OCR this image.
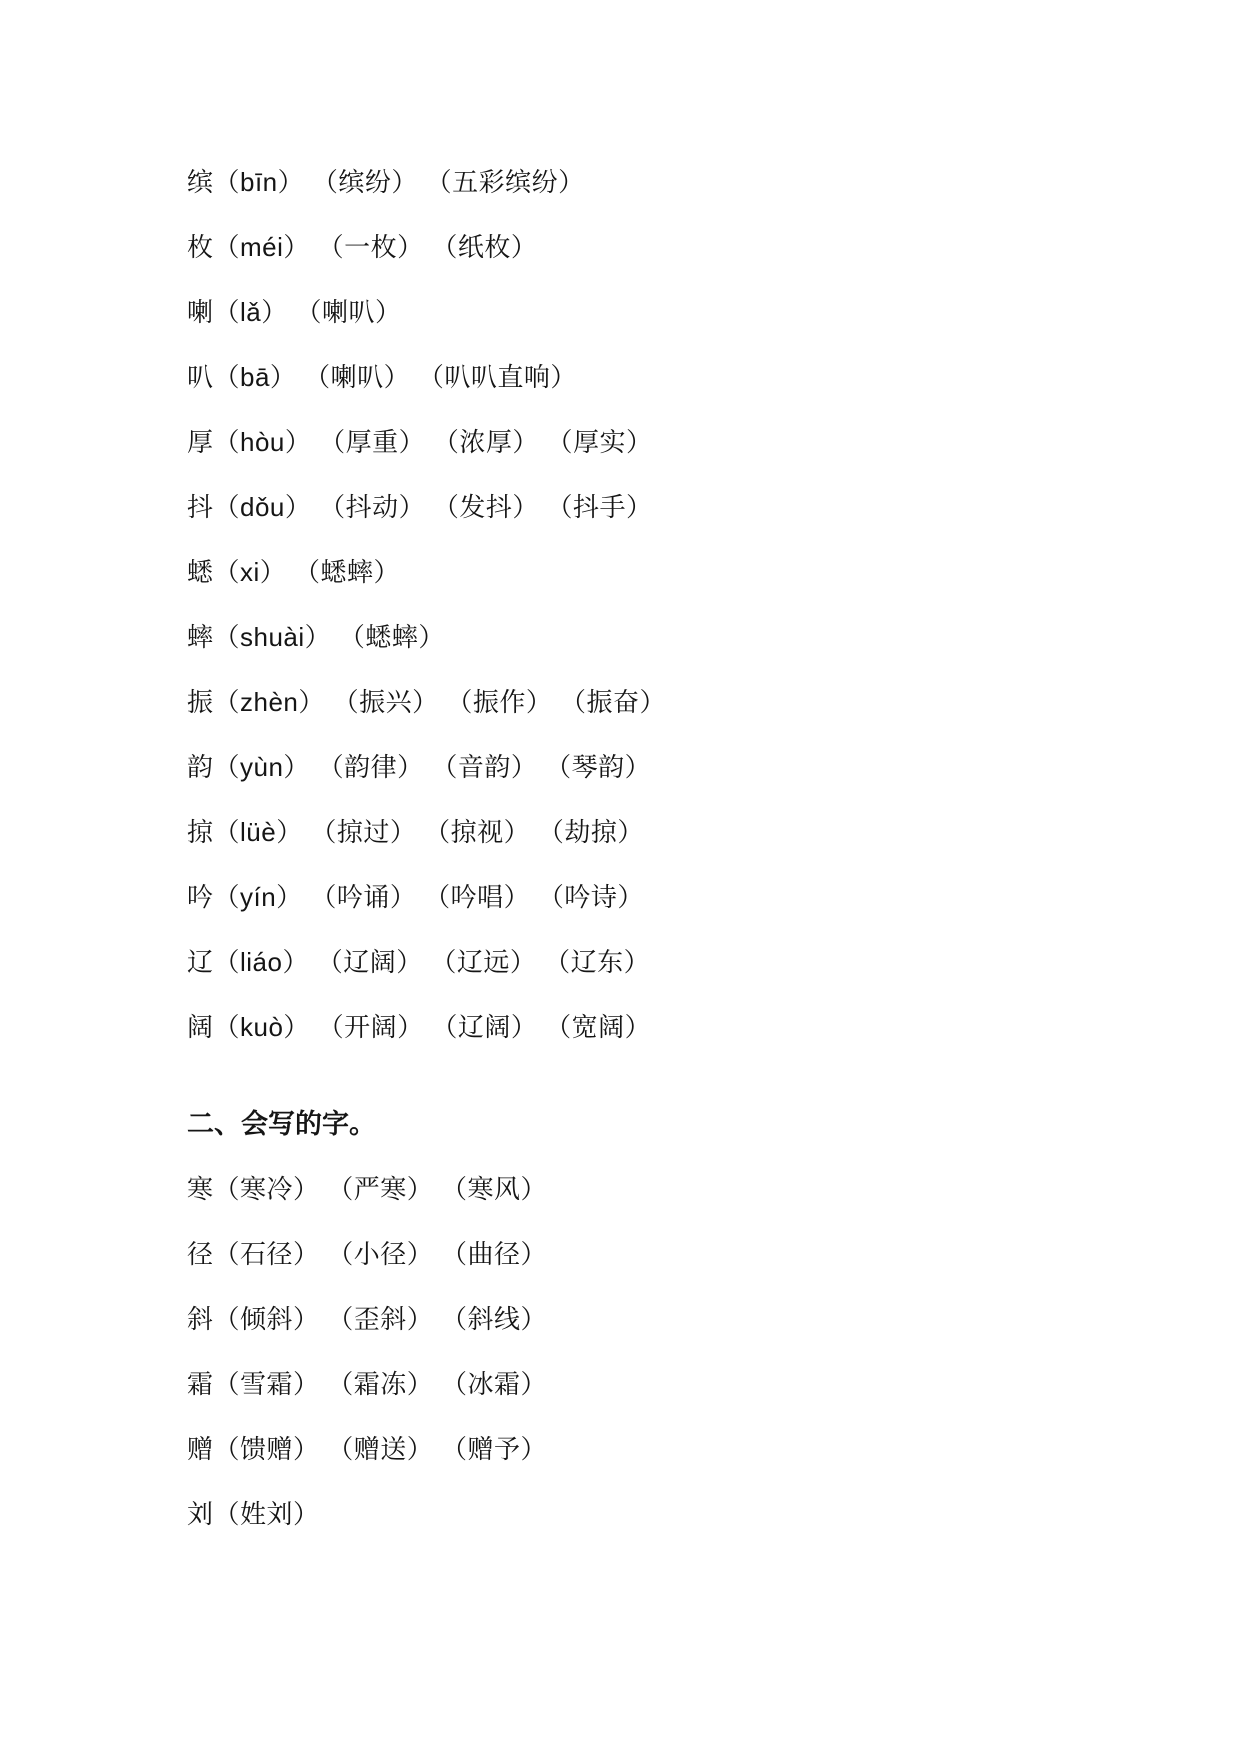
缤（bīn） （缤纷） （五彩缤纷）

枚（méi） （一枚） （纸枚）

喇（lǎ） （喇叭）

叭（bā） （喇叭） （叭叭直响）

厚（hòu） （厚重） （浓厚） （厚实）

抖（dǒu） （抖动） （发抖） （抖手）

蟋（xi） （蟋蟀）

蟀（shuài） （蟋蟀）

振（zhèn） （振兴） （振作） （振奋）

韵（yùn） （韵律） （音韵） （琴韵）

掠（lüè） （掠过） （掠视） （劫掠）

吟（yín） （吟诵） （吟唱） （吟诗）

辽（liáo） （辽阔） （辽远） （辽东）

阔（kuò） （开阔） （辽阔） （宽阔）

二、会写的字。

寒（寒冷） （严寒） （寒风）

径（石径） （小径） （曲径）

斜（倾斜） （歪斜） （斜线）

霜（雪霜） （霜冻） （冰霜）

赠（馈赠） （赠送） （赠予）

刘（姓刘）
